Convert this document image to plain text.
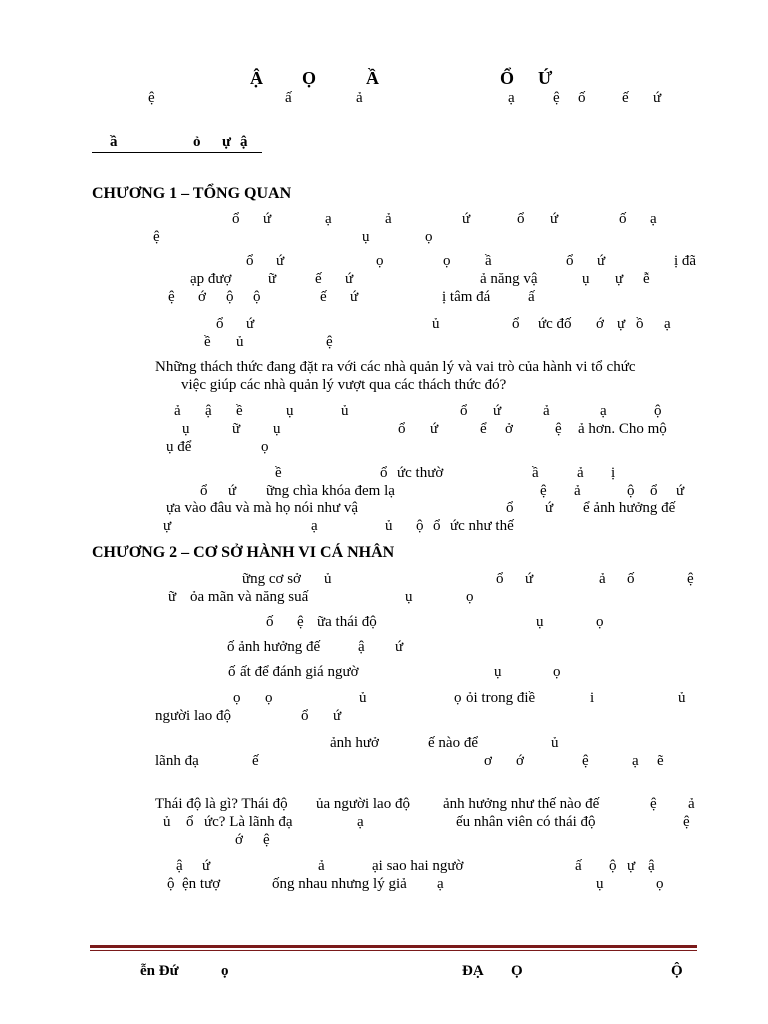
Ậ Ọ	Ầ	Ổ Ứ
ệ	ấ	ả	ạ	ệ ố ế ứ
ầ	ỏ ự ậ
CHƯƠNG 1 – TỔNG QUAN
ổ ứ	ạ	ả	ứ	ổ ứ	ố ạ
ệ	ụ	ọ
ổ ứ	ọ	ọ ầ	ổ ứ	ị đã
ạp đượ ữ	ế ứ	ả năng vậ	ụ ự ễ
ệ ớ ộ ộ	ế ứ	ị tâm đá	ấ
ổ ứ	ủ	ổ ức đố ớ ự ồ ạ
ề ủ	ệ
Những thách thức đang đặt ra với các nhà quản lý và vai trò của hành vi tổ chức
việc giúp các nhà quản lý vượt qua các thách thức đó?
ả ậ ề	ụ	ủ	ổ ứ	ả	ạ	ộ
ụ	ữ ụ	ổ ứ	ể ở	ệ ả hơn. Cho mộ
ụ để	ọ
ề	ổ ức thườ	ầ	ả ị
ổ ứ ững chìa khóa đem lạ	ệ ả	ộ ổ ứ
ựa vào đâu và mà họ nói như vậ	ổ ứ ể ảnh hưởng đế
ự	ạ	ủ ộ ổ ức như thế
CHƯƠNG 2 – CƠ SỞ HÀNH VI CÁ NHÂN
ững cơ sở ủ	ổ ứ	ả ố	ệ
ữ ỏa mãn và năng suấ	ụ	ọ
ố ệ ữa thái độ	ụ	ọ
ố ảnh hưởng đế	ậ ứ
ố ất để đánh giá ngườ	ụ	ọ
ọ ọ	ủ	ọ ỏi trong điề	i	ủ
người lao độ	ổ ứ
ảnh hưở	ế nào để	ủ
lãnh đạ	ế	ơ ớ	ệ	ạ ẽ
Thái độ là gì? Thái độ ủa người lao độ ảnh hưởng như thế nào đế	ệ ả
ủ ổ ức? Là lãnh đạ	ạ	ếu nhân viên có thái độ	ệ
ớ ệ
ậ ứ	ả	ại sao hai ngườ	ấ ộ ự ậ
ộ ện tượ	ống nhau nhưng lý giả ạ	ụ	ọ
ễn Đứ	ọ	ĐẠ Ọ	Ộ
